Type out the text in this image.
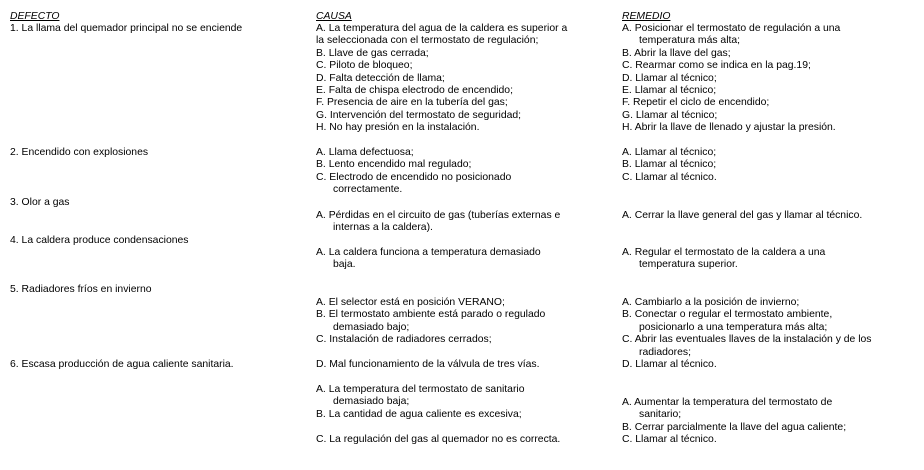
DEFECTO	CAUSA	REMEDIO
1. La llama del quemador principal no se enciende
2. Encendido con explosiones
3. Olor a gas
4. La caldera produce condensaciones
5. Radiadores fríos en invierno
6. Escasa producción de agua caliente sanitaria.
A. La temperatura del agua de la caldera es superior a
la seleccionada con el termostato de regulación;
B. Llave de gas cerrada;
C. Piloto de bloqueo;
D. Falta detección de llama;
E. Falta de chispa electrodo de encendido;
F. Presencia de aire en la tubería del gas;
G. Intervención del termostato de seguridad;
H. No hay presión en la instalación.
A. Llama defectuosa;
B. Lento encendido mal regulado;
C. Electrodo de encendido no posicionado
correctamente.
A. Pérdidas en el circuito de gas (tuberías externas e
internas a la caldera).
A. La caldera funciona a temperatura demasiado
baja.
A. El selector está en posición VERANO;
B. El termostato ambiente está parado o regulado
demasiado bajo;
C. Instalación de radiadores cerrados;
D. Mal funcionamiento de la válvula de tres vías.
A. La temperatura del termostato de sanitario
demasiado baja;
B. La cantidad de agua caliente es excesiva;
C. La regulación del gas al quemador no es correcta.
A. Posicionar el termostato de regulación a una
temperatura más alta;
B. Abrir la llave del gas;
C. Rearmar como se indica en la pag.19;
D. Llamar al técnico;
E. Llamar al técnico;
F. Repetir el ciclo de encendido;
G. Llamar al técnico;
H. Abrir la llave de llenado y ajustar la presión.
A. Llamar al técnico;
B. Llamar al técnico;
C. Llamar al técnico.
A. Cerrar la llave general del gas y llamar al técnico.
A. Regular el termostato de la caldera a una
temperatura superior.
A. Cambiarlo a la posición de invierno;
B. Conectar o regular el termostato ambiente,
posicionarlo a una temperatura más alta;
C. Abrir las eventuales llaves de la instalación y de los
radiadores;
D. Llamar al técnico.
A. Aumentar la temperatura del termostato de
sanitario;
B. Cerrar parcialmente la llave del agua caliente;
C. Llamar al técnico.
